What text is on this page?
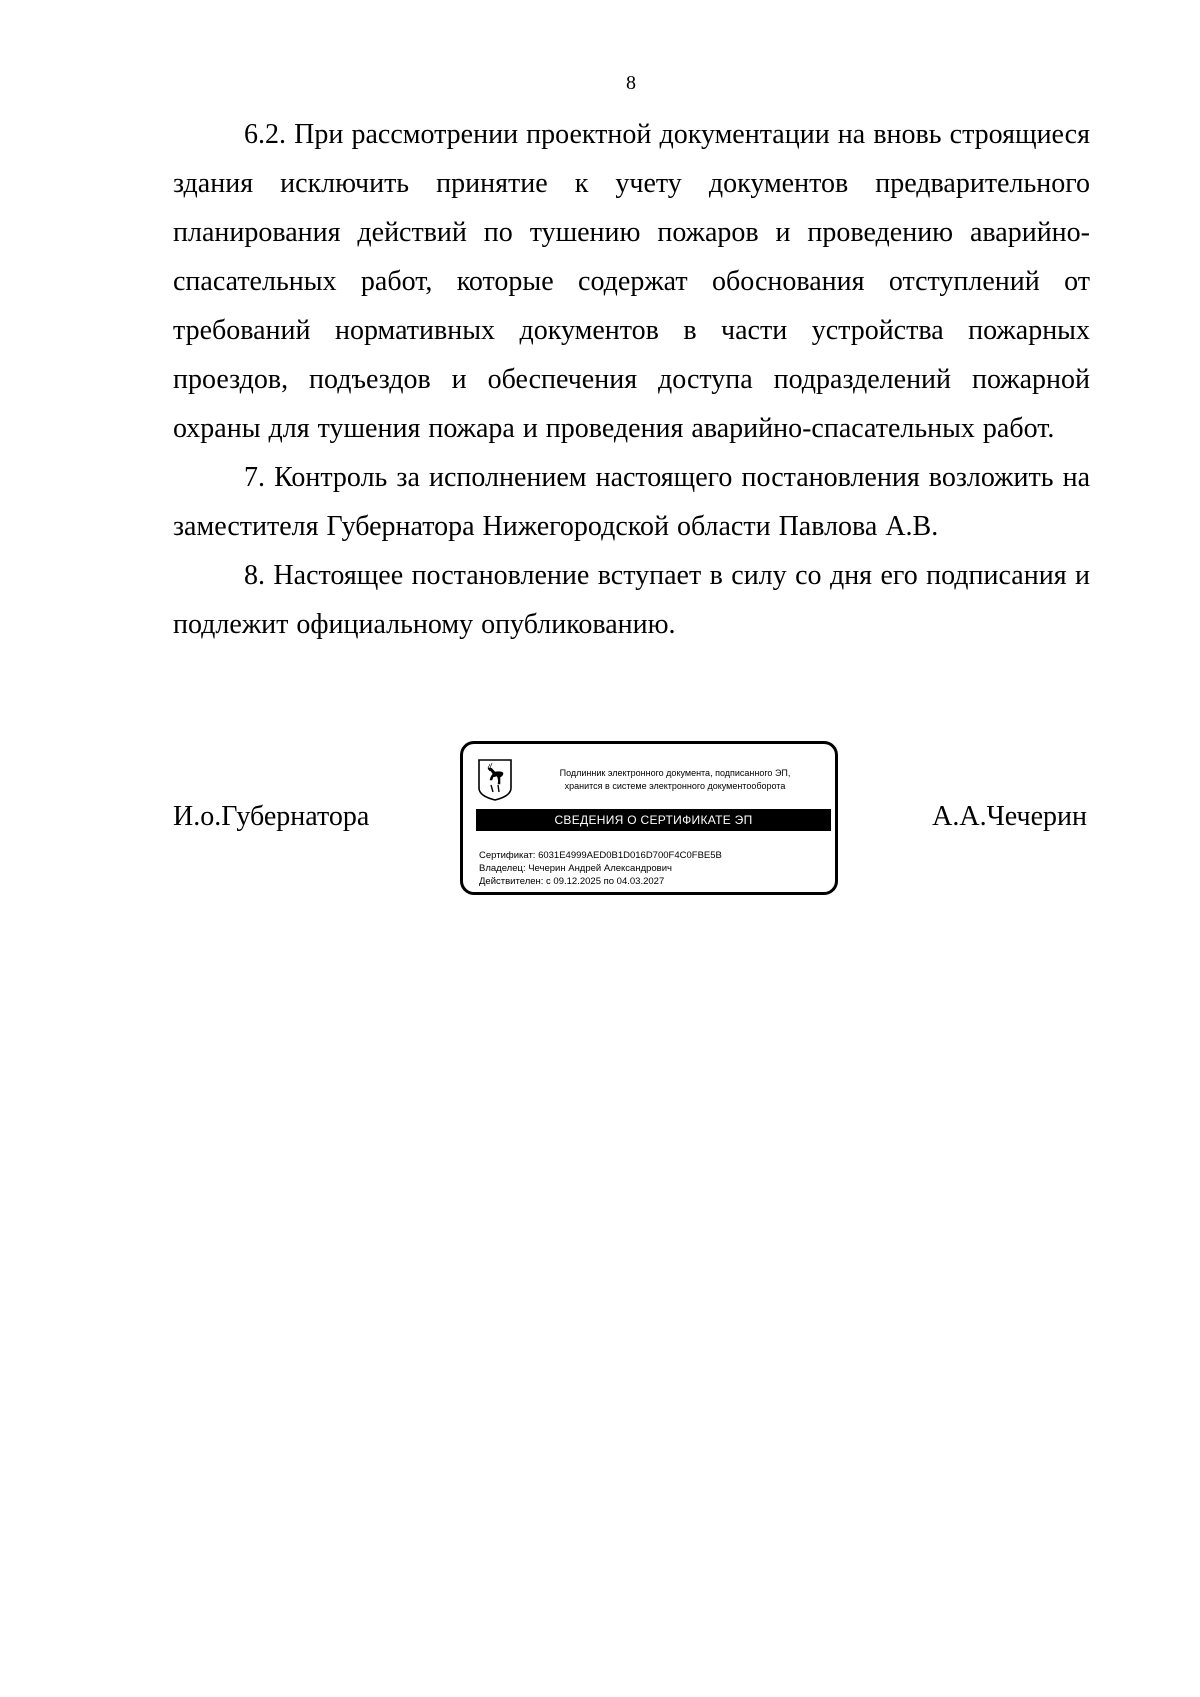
8

6.2. При рассмотрении проектной документации на вновь строящиеся здания исключить принятие к учету документов предварительного планирования действий по тушению пожаров и проведению аварийно-спасательных работ, которые содержат обоснования отступлений от требований нормативных документов в части устройства пожарных проездов, подъездов и обеспечения доступа подразделений пожарной охраны для тушения пожара и проведения аварийно-спасательных работ.

7. Контроль за исполнением настоящего постановления возложить на заместителя Губернатора Нижегородской области Павлова А.В.

8. Настоящее постановление вступает в силу со дня его подписания и подлежит официальному опубликованию.

И.о.Губернатора
Подлинник электронного документа, подписанного ЭП,
хранится в системе электронного документооборота
СВЕДЕНИЯ О СЕРТИФИКАТЕ ЭП
Сертификат: 6031E4999AED0B1D016D700F4C0FBE5B
Владелец: Чечерин Андрей Александрович
Действителен: с 09.12.2025 по 04.03.2027
А.А.Чечерин
